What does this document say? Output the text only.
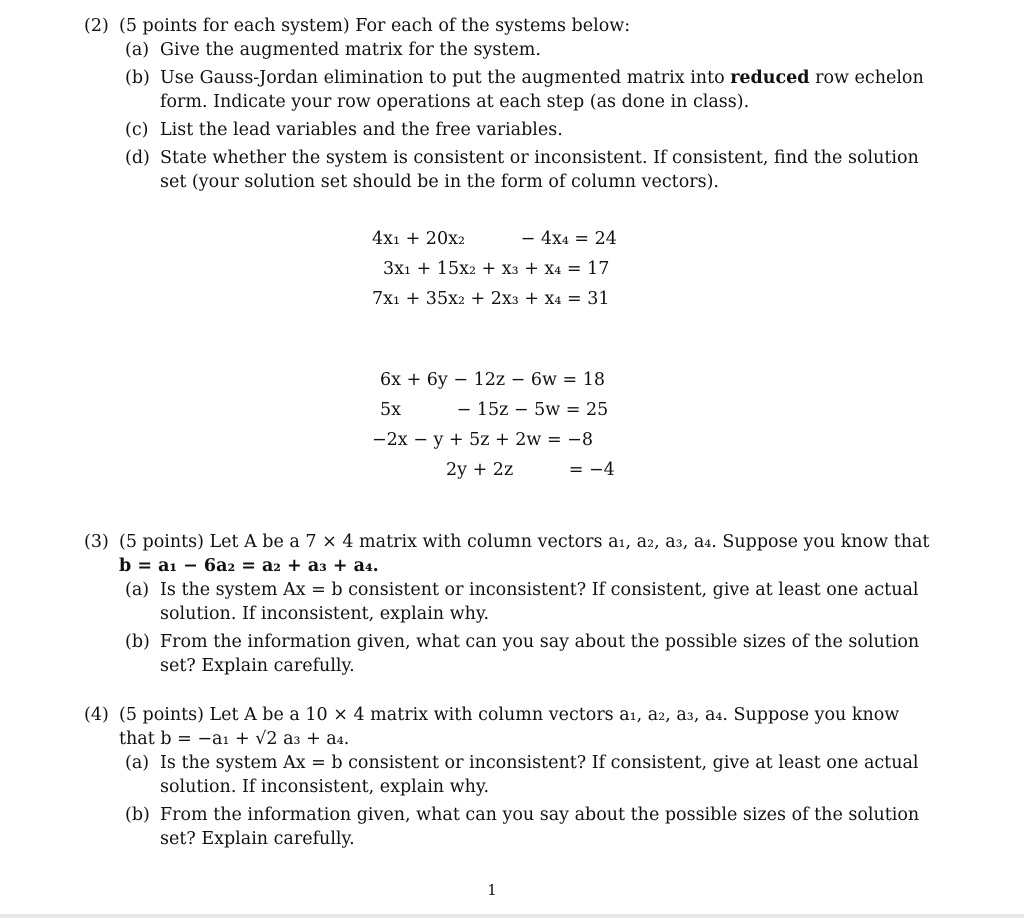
(2) (5 points for each system) For each of the systems below:
(a) Give the augmented matrix for the system.
(b) Use Gauss-Jordan elimination to put the augmented matrix into reduced row echelon form. Indicate your row operations at each step (as done in class).
(c) List the lead variables and the free variables.
(d) State whether the system is consistent or inconsistent. If consistent, find the solution set (your solution set should be in the form of column vectors).
4x₁ + 20x₂          − 4x₄ = 24
3x₁ + 15x₂ + x₃ + x₄ = 17
7x₁ + 35x₂ + 2x₃ + x₄ = 31
6x + 6y − 12z − 6w = 18
5x          − 15z − 5w = 25
−2x − y + 5z + 2w = −8
2y + 2z          = −4
(3) (5 points) Let A be a 7 × 4 matrix with column vectors a₁, a₂, a₃, a₄. Suppose you know that
b = a₁ − 6a₂ = a₂ + a₃ + a₄.
(a) Is the system Ax = b consistent or inconsistent? If consistent, give at least one actual solution. If inconsistent, explain why.
(b) From the information given, what can you say about the possible sizes of the solution set? Explain carefully.
(4) (5 points) Let A be a 10 × 4 matrix with column vectors a₁, a₂, a₃, a₄. Suppose you know
that b = −a₁ + √2 a₃ + a₄.
(a) Is the system Ax = b consistent or inconsistent? If consistent, give at least one actual solution. If inconsistent, explain why.
(b) From the information given, what can you say about the possible sizes of the solution set? Explain carefully.
1
